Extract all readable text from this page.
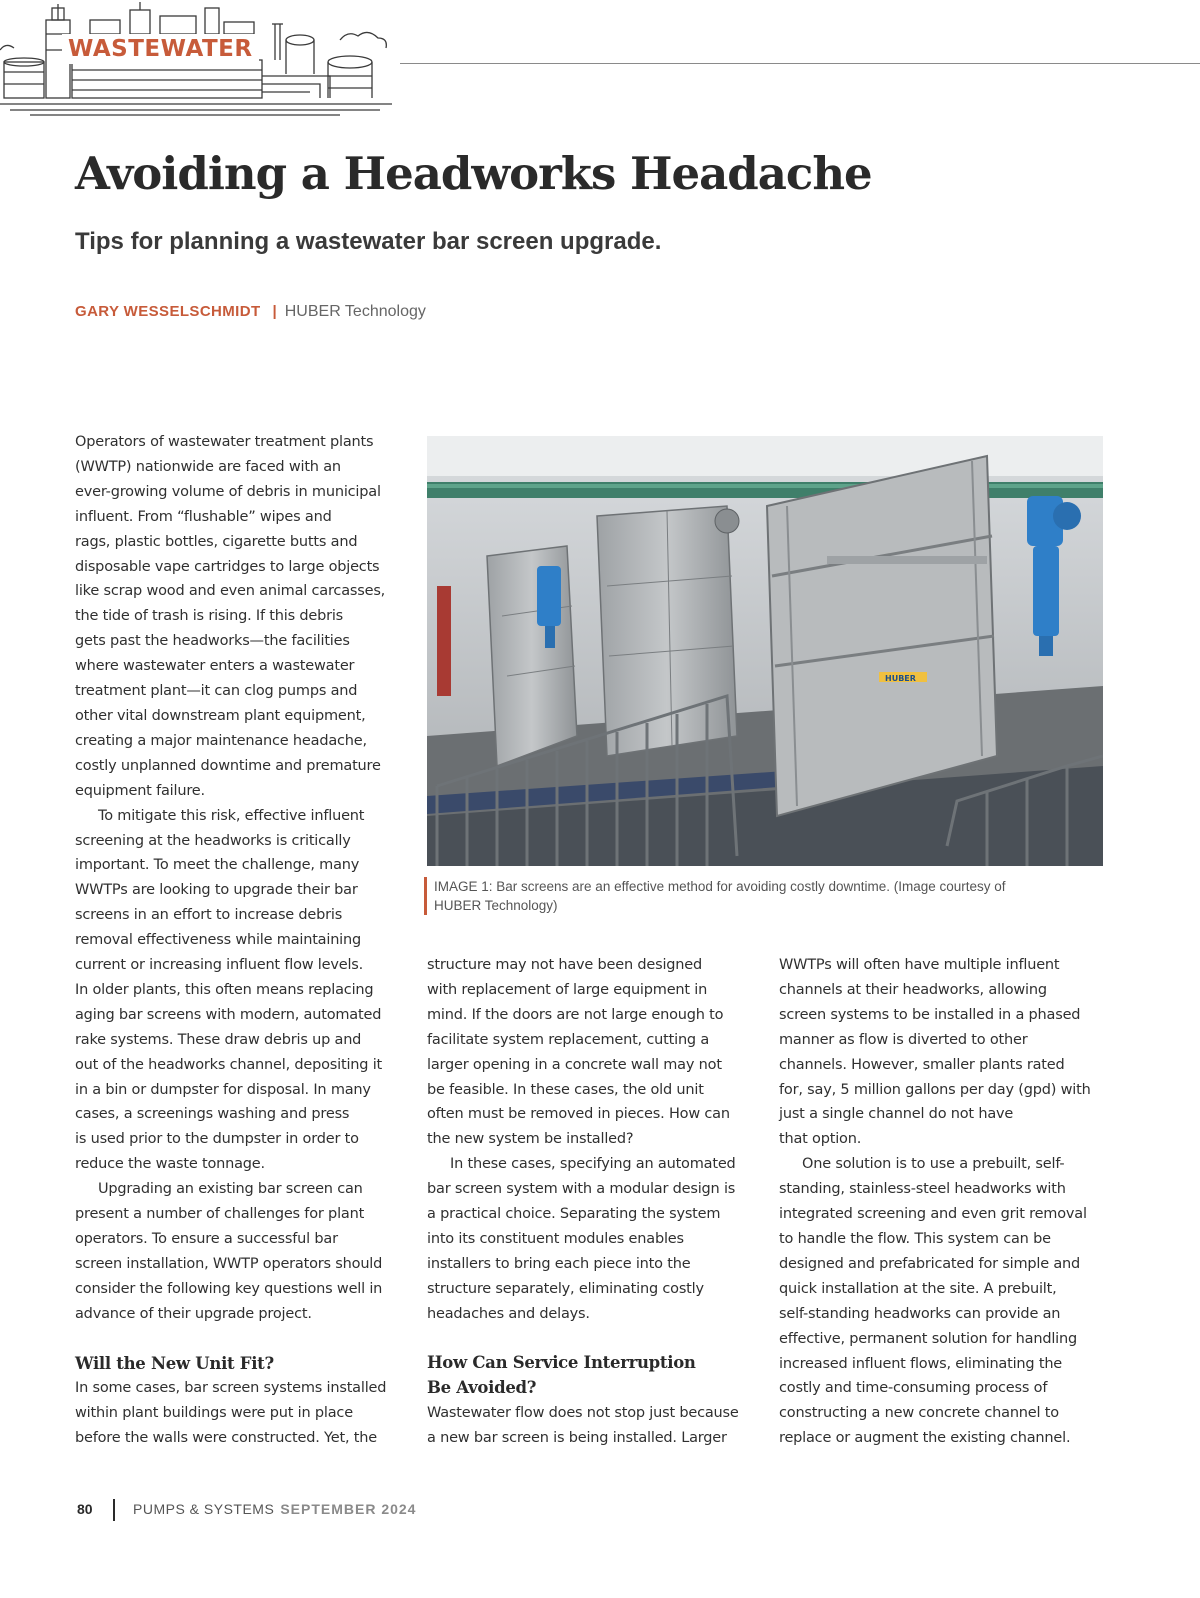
WASTEWATER
Avoiding a Headworks Headache
Tips for planning a wastewater bar screen upgrade.
GARY WESSELSCHMIDT | HUBER Technology
Operators of wastewater treatment plants
(WWTP) nationwide are faced with an
ever-growing volume of debris in municipal
influent. From “flushable” wipes and
rags, plastic bottles, cigarette butts and
disposable vape cartridges to large objects
like scrap wood and even animal carcasses,
the tide of trash is rising. If this debris
gets past the headworks—the facilities
where wastewater enters a wastewater
treatment plant—it can clog pumps and
other vital downstream plant equipment,
creating a major maintenance headache,
costly unplanned downtime and premature
equipment failure.
To mitigate this risk, effective influent
screening at the headworks is critically
important. To meet the challenge, many
WWTPs are looking to upgrade their bar
screens in an effort to increase debris
removal effectiveness while maintaining
current or increasing influent flow levels.
In older plants, this often means replacing
aging bar screens with modern, automated
rake systems. These draw debris up and
out of the headworks channel, depositing it
in a bin or dumpster for disposal. In many
cases, a screenings washing and press
is used prior to the dumpster in order to
reduce the waste tonnage.
Upgrading an existing bar screen can
present a number of challenges for plant
operators. To ensure a successful bar
screen installation, WWTP operators should
consider the following key questions well in
advance of their upgrade project.
Will the New Unit Fit?
In some cases, bar screen systems installed
within plant buildings were put in place
before the walls were constructed. Yet, the
HUBER
IMAGE 1: Bar screens are an effective method for avoiding costly downtime. (Image courtesy of
HUBER Technology)
structure may not have been designed
with replacement of large equipment in
mind. If the doors are not large enough to
facilitate system replacement, cutting a
larger opening in a concrete wall may not
be feasible. In these cases, the old unit
often must be removed in pieces. How can
the new system be installed?
In these cases, specifying an automated
bar screen system with a modular design is
a practical choice. Separating the system
into its constituent modules enables
installers to bring each piece into the
structure separately, eliminating costly
headaches and delays.
How Can Service Interruption
Be Avoided?
Wastewater flow does not stop just because
a new bar screen is being installed. Larger
WWTPs will often have multiple influent
channels at their headworks, allowing
screen systems to be installed in a phased
manner as flow is diverted to other
channels. However, smaller plants rated
for, say, 5 million gallons per day (gpd) with
just a single channel do not have
that option.
One solution is to use a prebuilt, self-
standing, stainless-steel headworks with
integrated screening and even grit removal
to handle the flow. This system can be
designed and prefabricated for simple and
quick installation at the site. A prebuilt,
self-standing headworks can provide an
effective, permanent solution for handling
increased influent flows, eliminating the
costly and time-consuming process of
constructing a new concrete channel to
replace or augment the existing channel.
80	PUMPS & SYSTEMS SEPTEMBER 2024
